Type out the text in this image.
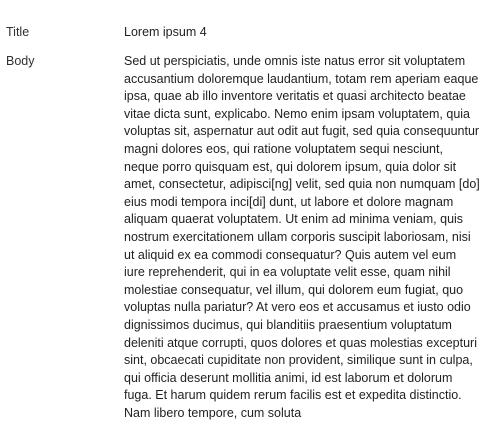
Title	Lorem ipsum 4
Body	Sed ut perspiciatis, unde omnis iste natus error sit voluptatem accusantium doloremque laudantium, totam rem aperiam eaque ipsa, quae ab illo inventore veritatis et quasi architecto beatae vitae dicta sunt, explicabo. Nemo enim ipsam voluptatem, quia voluptas sit, aspernatur aut odit aut fugit, sed quia consequuntur magni dolores eos, qui ratione voluptatem sequi nesciunt, neque porro quisquam est, qui dolorem ipsum, quia dolor sit amet, consectetur, adipisci[ng] velit, sed quia non numquam [do] eius modi tempora inci[di] dunt, ut labore et dolore magnam aliquam quaerat voluptatem. Ut enim ad minima veniam, quis nostrum exercitationem ullam corporis suscipit laboriosam, nisi ut aliquid ex ea commodi consequatur? Quis autem vel eum iure reprehenderit, qui in ea voluptate velit esse, quam nihil molestiae consequatur, vel illum, qui dolorem eum fugiat, quo voluptas nulla pariatur? At vero eos et accusamus et iusto odio dignissimos ducimus, qui blanditiis praesentium voluptatum deleniti atque corrupti, quos dolores et quas molestias excepturi sint, obcaecati cupiditate non provident, similique sunt in culpa, qui officia deserunt mollitia animi, id est laborum et dolorum fuga. Et harum quidem rerum facilis est et expedita distinctio. Nam libero tempore, cum soluta
